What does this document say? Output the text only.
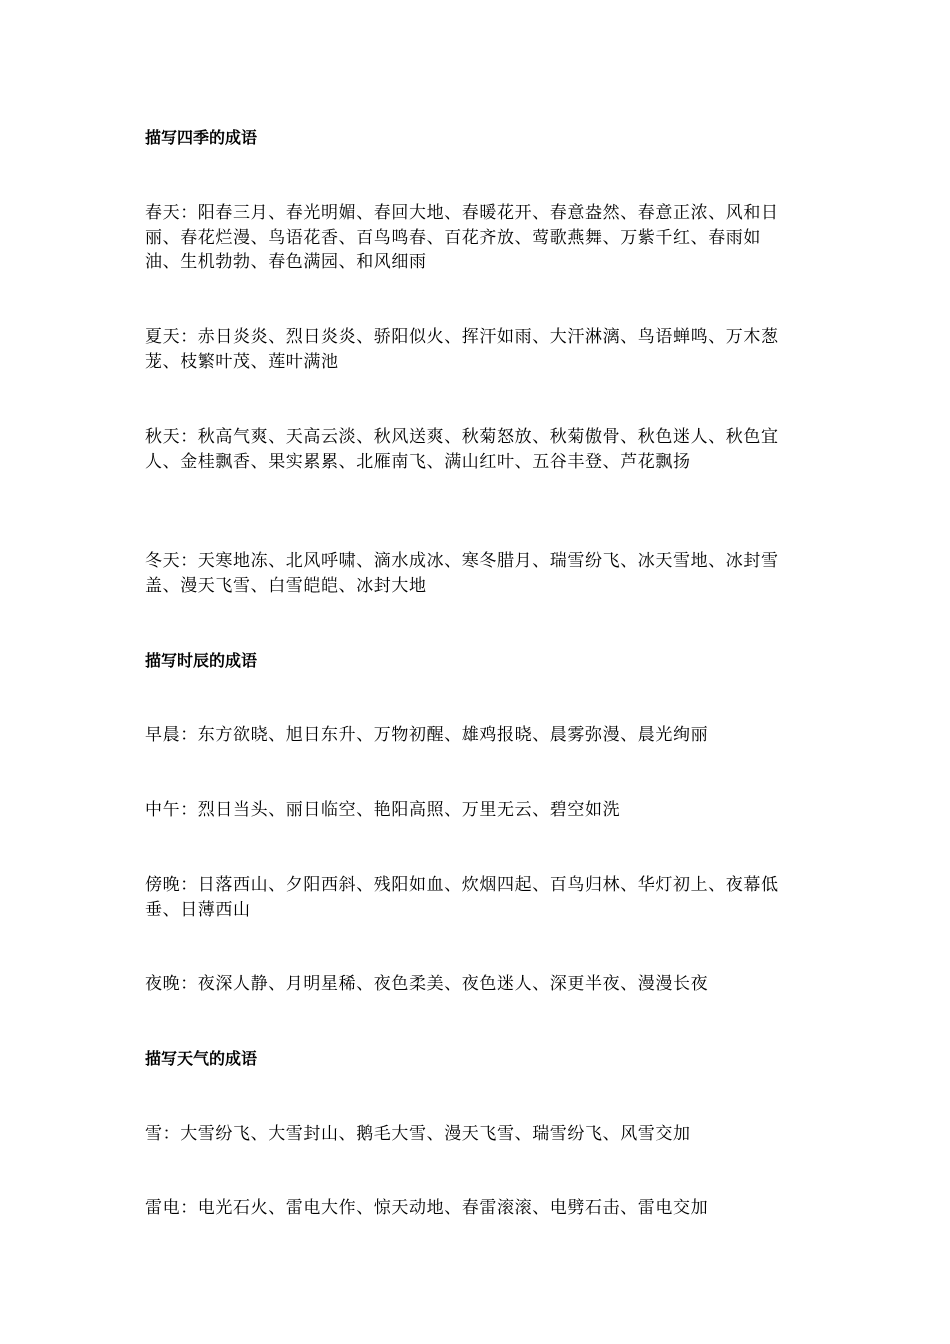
描写四季的成语
春天：阳春三月、春光明媚、春回大地、春暖花开、春意盎然、春意正浓、风和日丽、春花烂漫、鸟语花香、百鸟鸣春、百花齐放、莺歌燕舞、万紫千红、春雨如油、生机勃勃、春色满园、和风细雨
夏天：赤日炎炎、烈日炎炎、骄阳似火、挥汗如雨、大汗淋漓、鸟语蝉鸣、万木葱茏、枝繁叶茂、莲叶满池
秋天：秋高气爽、天高云淡、秋风送爽、秋菊怒放、秋菊傲骨、秋色迷人、秋色宜人、金桂飘香、果实累累、北雁南飞、满山红叶、五谷丰登、芦花飘扬
冬天：天寒地冻、北风呼啸、滴水成冰、寒冬腊月、瑞雪纷飞、冰天雪地、冰封雪盖、漫天飞雪、白雪皑皑、冰封大地
描写时辰的成语
早晨：东方欲晓、旭日东升、万物初醒、雄鸡报晓、晨雾弥漫、晨光绚丽
中午：烈日当头、丽日临空、艳阳高照、万里无云、碧空如洗
傍晚：日落西山、夕阳西斜、残阳如血、炊烟四起、百鸟归林、华灯初上、夜幕低垂、日薄西山
夜晚：夜深人静、月明星稀、夜色柔美、夜色迷人、深更半夜、漫漫长夜
描写天气的成语
雪：大雪纷飞、大雪封山、鹅毛大雪、漫天飞雪、瑞雪纷飞、风雪交加
雷电：电光石火、雷电大作、惊天动地、春雷滚滚、电劈石击、雷电交加
